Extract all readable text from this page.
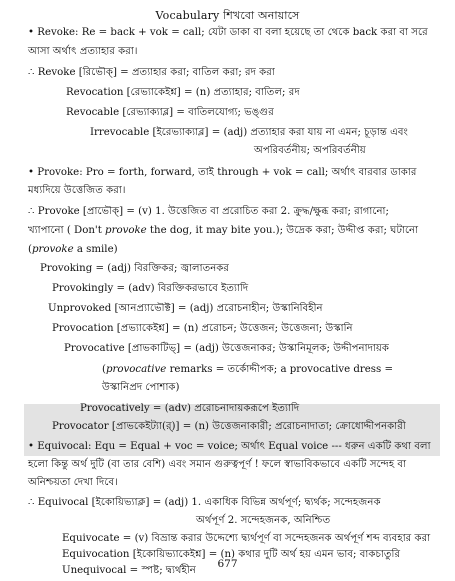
Vocabulary শিখবো অনায়াসে
• Revoke: Re = back + vok = call; যেটা ডাকা বা বলা হয়েছে তা থেকে back করা বা সরে
আসা অর্থাৎ প্রত্যাহার করা।
∴ Revoke [রিভৌক্] = প্রত্যাহার করা; বাতিল করা; রদ করা
Revocation [রেভ্যাকেইশ্ন] = (n) প্রত্যাহার; বাতিল; রদ
Revocable [রেভ্যাক্যাব্ল] = বাতিলযোগ্য; ভঙ্গুর
Irrevocable [ইরেভ্যাক্যাব্ল] = (adj) প্রত্যাহার করা যায় না এমন; চূড়ান্ত এবং
অপরিবর্তনীয়; অপরিবর্তনীয়
• Provoke: Pro = forth, forward, তাই through + vok = call; অর্থাৎ বারবার ডাকার
মধ্যদিয়ে উত্তেজিত করা।
∴ Provoke [প্রাভৌক্] = (v) 1. উত্তেজিত বা প্ররোচিত করা 2. ক্রুদ্ধ/ক্ষুব্ধ করা; রাগানো;
খ্যাপানো ( Don't provoke the dog, it may bite you.); উদ্রেক করা; উদ্দীপ্ত করা; ঘটানো
(provoke a smile)
Provoking = (adj) বিরক্তিকর; জ্বালাতনকর
Provokingly = (adv) বিরক্তিকরভাবে ইত্যাদি
Unprovoked [আনপ্র্যাভৌক্ট] = (adj) প্ররোচনাহীন; উস্কানিবিহীন
Provocation [প্রভ্যাকেইশ্ন] = (n) প্ররোচন; উত্তেজন; উত্তেজনা; উস্কানি
Provocative [প্রাভকাটিভ্] = (adj) উত্তেজনাকর; উস্কানিমূলক; উদ্দীপনাদায়ক
(provocative remarks = তর্কোদ্দীপক; a provocative dress =
উস্কানিপ্রদ পোশাক)
Provocatively = (adv) প্ররোচনাদায়করূপে ইত্যাদি
Provocator [প্রাভকেইট্যা(র্)] = (n) উত্তেজনাকারী; প্ররোচনাদাতা; ক্রোধোদ্দীপনকারী
• Equivocal: Equ = Equal + voc = voice; অর্থাৎ Equal voice --- ধরুন একটি কথা বলা
হলো কিন্তু অর্থ দুটি (বা তার বেশি) এবং সমান গুরুত্বপূর্ণ ! ফলে স্বাভাবিকভাবে একটি সন্দেহ বা
অনিশ্চয়তা দেখা দিবে।
∴ Equivocal [ইকোয়িভ্যাক্ল] = (adj) 1. একাধিক বিভিন্ন অর্থপূর্ণ; দ্ব্যর্থক; সন্দেহজনক
অর্থপূর্ণ 2. সন্দেহজনক, অনিশ্চিত
Equivocate = (v) বিভ্রান্ত করার উদ্দেশ্যে দ্ব্যর্থপূর্ণ বা সন্দেহজনক অর্থপূর্ণ শব্দ ব্যবহার করা
Equivocation [ইকোয়িভ্যাকেইশ্ন] = (n) কথার দুটি অর্থ হয় এমন ভাব; বাকচাতুরি
Unequivocal = স্পষ্ট; দ্ব্যর্থহীন
677
